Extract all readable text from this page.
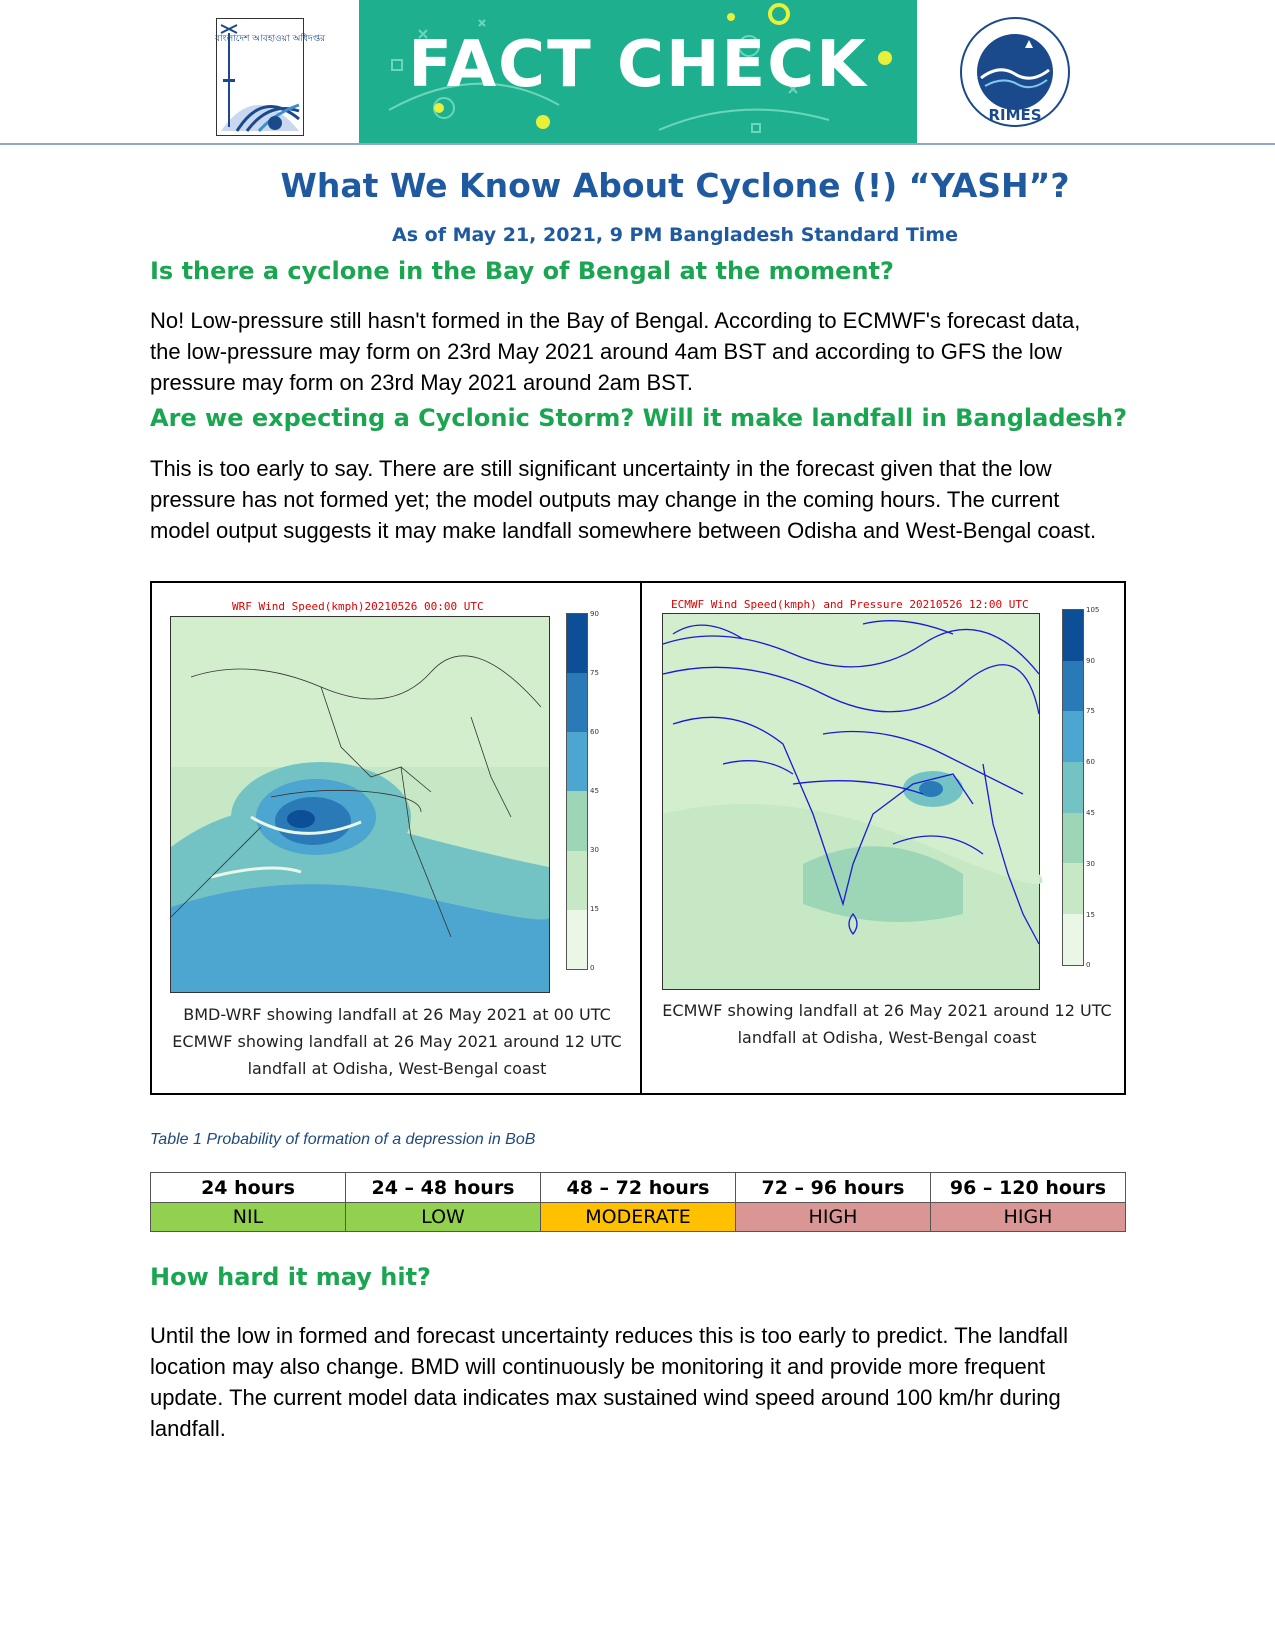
বাংলাদেশ আবহাওয়া অধিদপ্তর	FACT CHECK
RIMES
What We Know About Cyclone (!) “YASH”?
As of May 21, 2021, 9 PM Bangladesh Standard Time
Is there a cyclone in the Bay of Bengal at the moment?
No! Low-pressure still hasn't formed in the Bay of Bengal. According to ECMWF's forecast data,
the low-pressure may form on 23rd May 2021 around 4am BST and according to GFS the low
pressure may form on 23rd May 2021 around 2am BST.
Are we expecting a Cyclonic Storm? Will it make landfall in Bangladesh?
This is too early to say. There are still significant uncertainty in the forecast given that the low
pressure has not formed yet; the model outputs may change in the coming hours. The current
model output suggests it may make landfall somewhere between Odisha and West-Bengal coast.
WRF Wind Speed(kmph)20210526 00:00 UTC
90
75
60
45
30
15
0
BMD-WRF showing landfall at 26 May 2021 at 00 UTC
ECMWF showing landfall at 26 May 2021 around 12 UTC
landfall at Odisha, West-Bengal coast
ECMWF Wind Speed(kmph) and Pressure 20210526 12:00 UTC	105
90
75
60
45
30
15
0
ECMWF showing landfall at 26 May 2021 around 12 UTC
landfall at Odisha, West-Bengal coast
Table 1 Probability of formation of a depression in BoB
24 hours	24 – 48 hours	48 – 72 hours	72 – 96 hours	96 – 120 hours
NIL	LOW	MODERATE	HIGH	HIGH
How hard it may hit?
Until the low in formed and forecast uncertainty reduces this is too early to predict. The landfall
location may also change. BMD will continuously be monitoring it and provide more frequent
update. The current model data indicates max sustained wind speed around 100 km/hr during
landfall.
